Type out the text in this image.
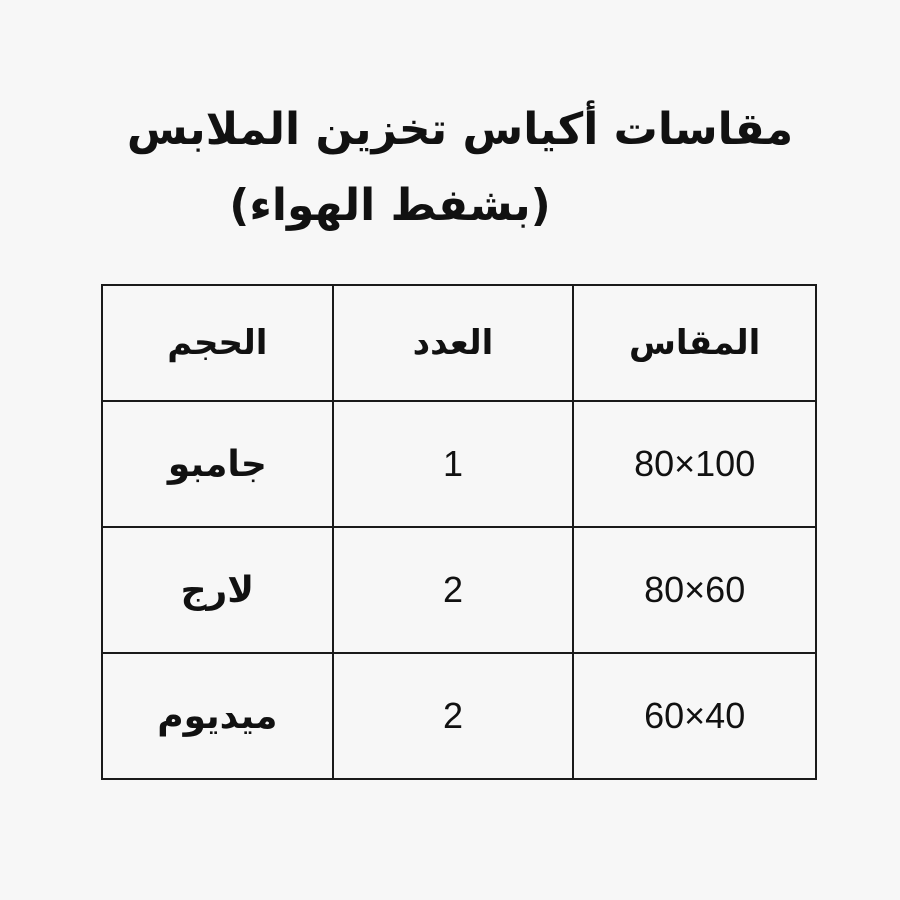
مقاسات أكياس تخزين الملابس
(بشفط الهواء)
المقاس	العدد	الحجم
80×100	1	جامبو
80×60	2	لارج
60×40	2	ميديوم
